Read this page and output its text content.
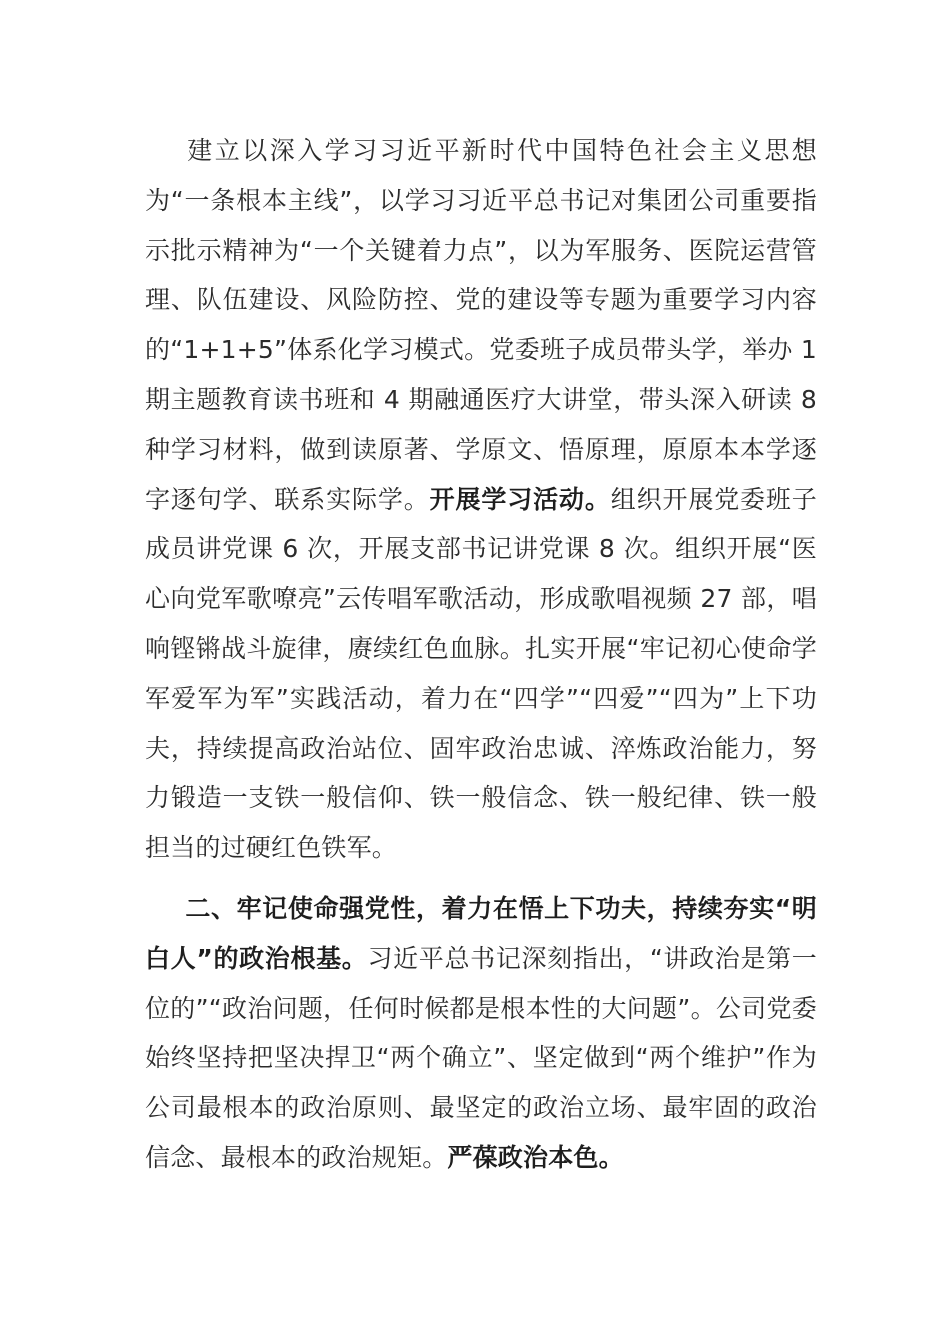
建立以深入学习习近平新时代中国特色社会主义思想为“一条根本主线”，以学习习近平总书记对集团公司重要指示批示精神为“一个关键着力点”，以为军服务、医院运营管理、队伍建设、风险防控、党的建设等专题为重要学习内容的“1+1+5”体系化学习模式。党委班子成员带头学，举办 1 期主题教育读书班和 4 期融通医疗大讲堂，带头深入研读 8 种学习材料，做到读原著、学原文、悟原理，原原本本学逐字逐句学、联系实际学。开展学习活动。组织开展党委班子成员讲党课 6 次，开展支部书记讲党课 8 次。组织开展“医心向党军歌嘹亮”云传唱军歌活动，形成歌唱视频 27 部，唱响铿锵战斗旋律，赓续红色血脉。扎实开展“牢记初心使命学军爱军为军”实践活动，着力在“四学”“四爱”“四为”上下功夫，持续提高政治站位、固牢政治忠诚、淬炼政治能力，努力锻造一支铁一般信仰、铁一般信念、铁一般纪律、铁一般担当的过硬红色铁军。
二、牢记使命强党性，着力在悟上下功夫，持续夯实“明白人”的政治根基。习近平总书记深刻指出，“讲政治是第一位的”“政治问题，任何时候都是根本性的大问题”。公司党委始终坚持把坚决捍卫“两个确立”、坚定做到“两个维护”作为公司最根本的政治原则、最坚定的政治立场、最牢固的政治信念、最根本的政治规矩。严葆政治本色。
